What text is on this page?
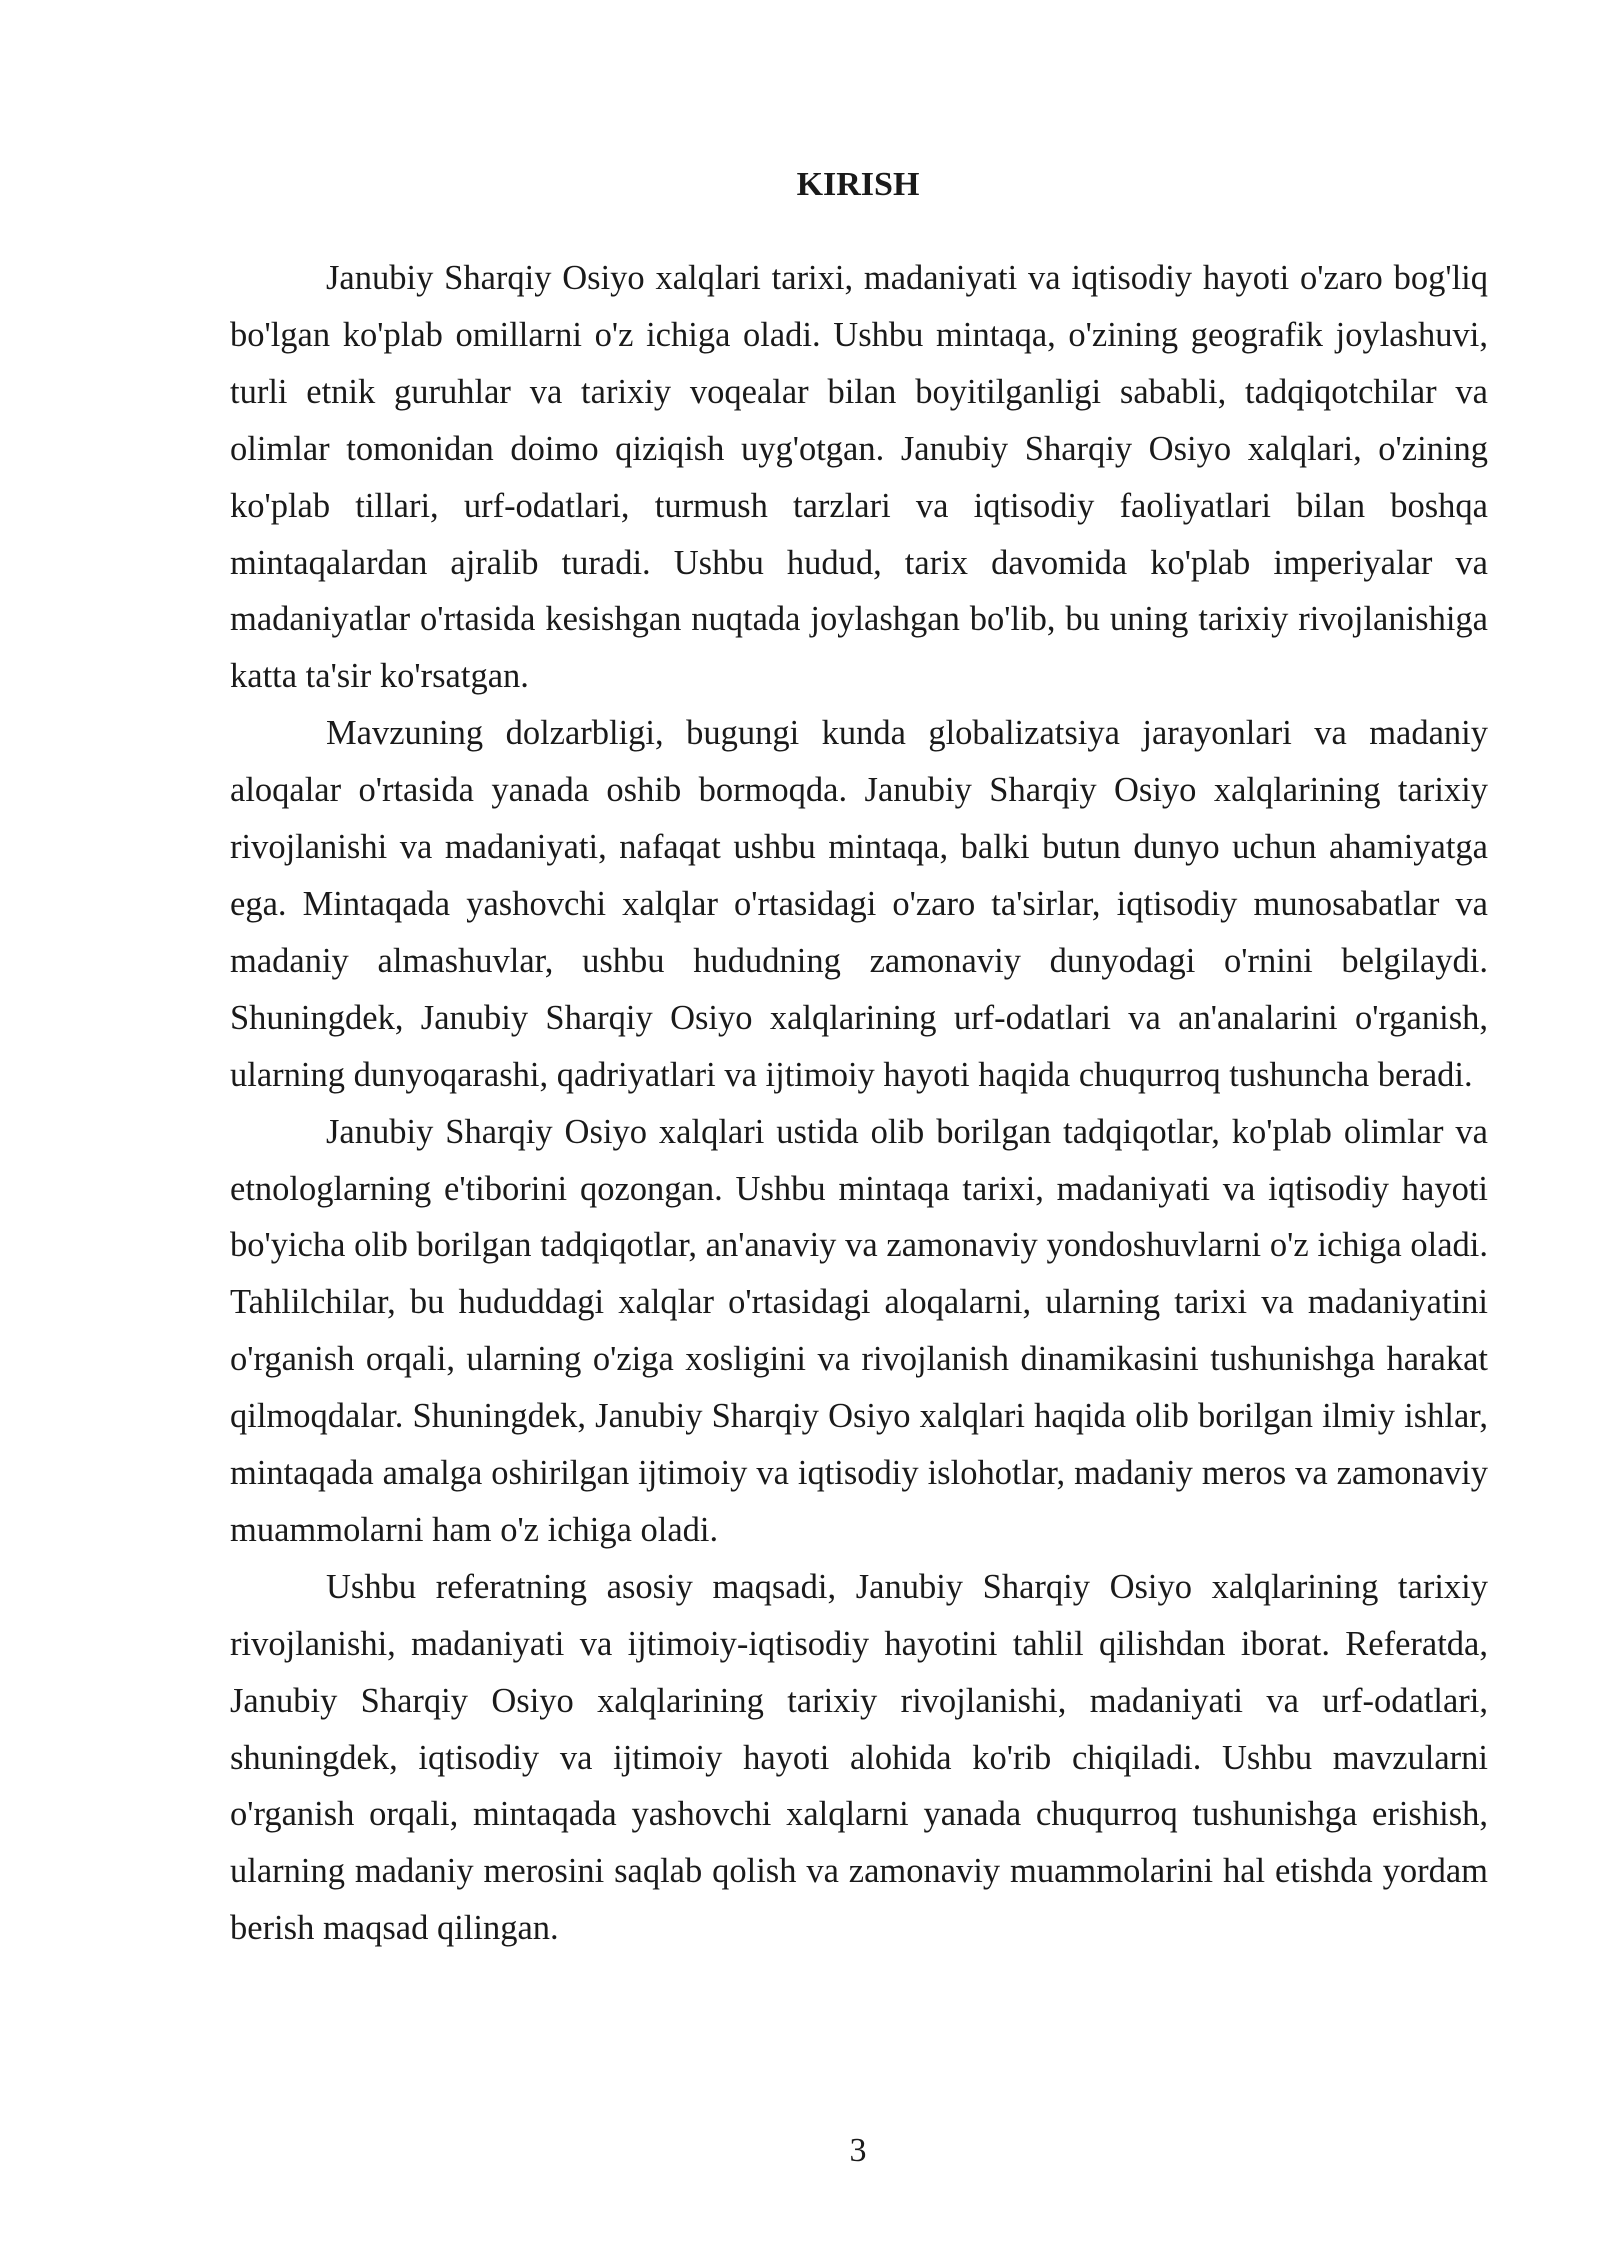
KIRISH

Janubiy Sharqiy Osiyo xalqlari tarixi, madaniyati va iqtisodiy hayoti o'zaro bog'liq bo'lgan ko'plab omillarni o'z ichiga oladi. Ushbu mintaqa, o'zining geografik joylashuvi, turli etnik guruhlar va tarixiy voqealar bilan boyitilganligi sababli, tadqiqotchilar va olimlar tomonidan doimo qiziqish uyg'otgan. Janubiy Sharqiy Osiyo xalqlari, o'zining ko'plab tillari, urf-odatlari, turmush tarzlari va iqtisodiy faoliyatlari bilan boshqa mintaqalardan ajralib turadi. Ushbu hudud, tarix davomida ko'plab imperiyalar va madaniyatlar o'rtasida kesishgan nuqtada joylashgan bo'lib, bu uning tarixiy rivojlanishiga katta ta'sir ko'rsatgan.

Mavzuning dolzarbligi, bugungi kunda globalizatsiya jarayonlari va madaniy aloqalar o'rtasida yanada oshib bormoqda. Janubiy Sharqiy Osiyo xalqlarining tarixiy rivojlanishi va madaniyati, nafaqat ushbu mintaqa, balki butun dunyo uchun ahamiyatga ega. Mintaqada yashovchi xalqlar o'rtasidagi o'zaro ta'sirlar, iqtisodiy munosabatlar va madaniy almashuvlar, ushbu hududning zamonaviy dunyodagi o'rnini belgilaydi. Shuningdek, Janubiy Sharqiy Osiyo xalqlarining urf-odatlari va an'analarini o'rganish, ularning dunyoqarashi, qadriyatlari va ijtimoiy hayoti haqida chuqurroq tushuncha beradi.

Janubiy Sharqiy Osiyo xalqlari ustida olib borilgan tadqiqotlar, ko'plab olimlar va etnologlarning e'tiborini qozongan. Ushbu mintaqa tarixi, madaniyati va iqtisodiy hayoti bo'yicha olib borilgan tadqiqotlar, an'anaviy va zamonaviy yondoshuvlarni o'z ichiga oladi. Tahlilchilar, bu hududdagi xalqlar o'rtasidagi aloqalarni, ularning tarixi va madaniyatini o'rganish orqali, ularning o'ziga xosligini va rivojlanish dinamikasini tushunishga harakat qilmoqdalar. Shuningdek, Janubiy Sharqiy Osiyo xalqlari haqida olib borilgan ilmiy ishlar, mintaqada amalga oshirilgan ijtimoiy va iqtisodiy islohotlar, madaniy meros va zamonaviy muammolarni ham o'z ichiga oladi.

Ushbu referatning asosiy maqsadi, Janubiy Sharqiy Osiyo xalqlarining tarixiy rivojlanishi, madaniyati va ijtimoiy-iqtisodiy hayotini tahlil qilishdan iborat. Referatda, Janubiy Sharqiy Osiyo xalqlarining tarixiy rivojlanishi, madaniyati va urf-odatlari, shuningdek, iqtisodiy va ijtimoiy hayoti alohida ko'rib chiqiladi. Ushbu mavzularni o'rganish orqali, mintaqada yashovchi xalqlarni yanada chuqurroq tushunishga erishish, ularning madaniy merosini saqlab qolish va zamonaviy muammolarini hal etishda yordam berish maqsad qilingan.

3
